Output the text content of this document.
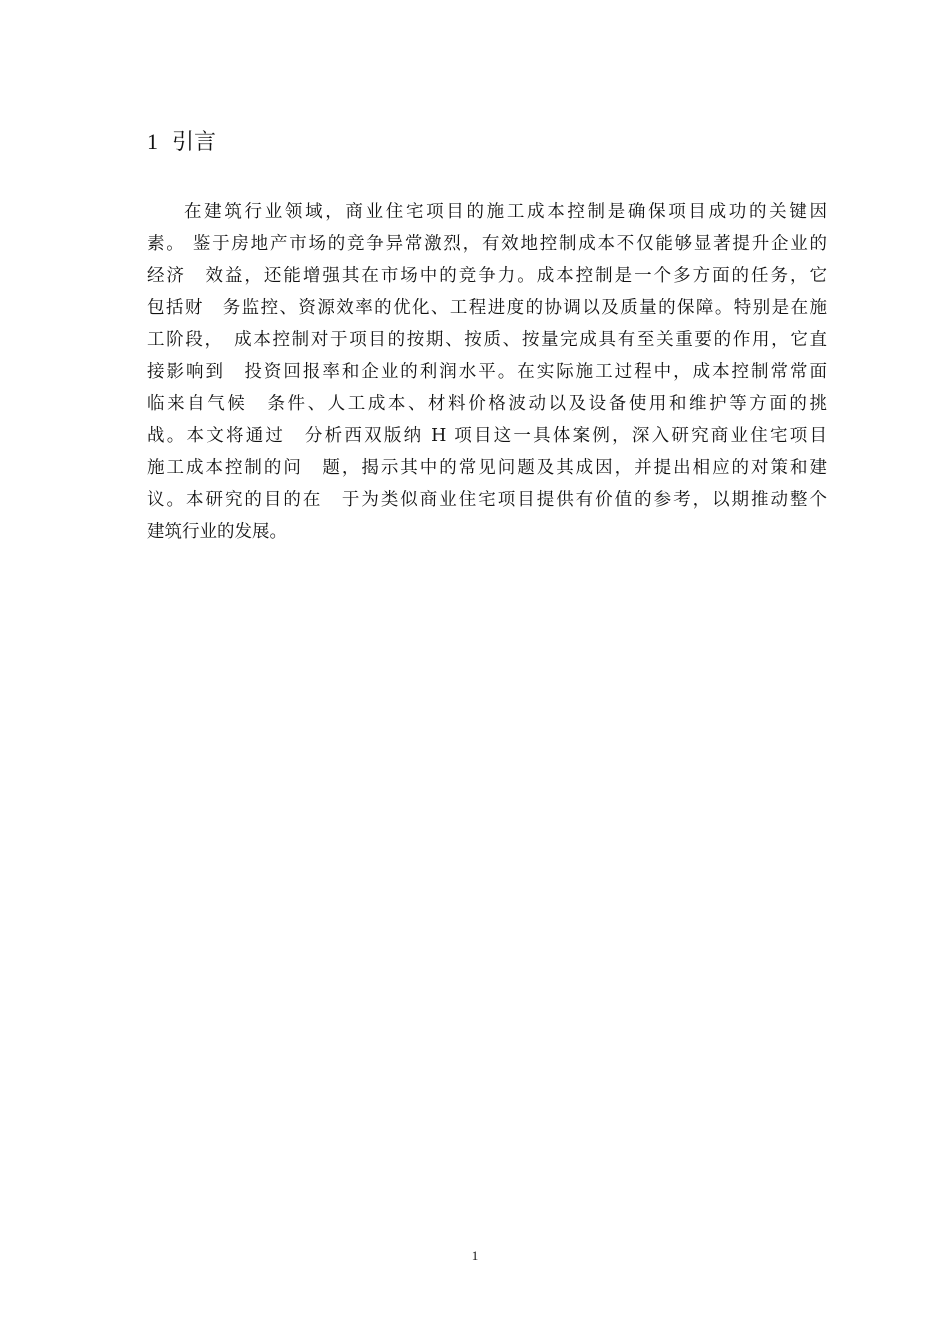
1 引言
在建筑行业领域，商业住宅项目的施工成本控制是确保项目成功的关键因
素。 鉴于房地产市场的竞争异常激烈，有效地控制成本不仅能够显著提升企业的
经济　效益，还能增强其在市场中的竞争力。成本控制是一个多方面的任务，它
包括财　务监控、资源效率的优化、工程进度的协调以及质量的保障。特别是在施
工阶段，　成本控制对于项目的按期、按质、按量完成具有至关重要的作用，它直
接影响到　投资回报率和企业的利润水平。在实际施工过程中，成本控制常常面
临来自气候　条件、人工成本、材料价格波动以及设备使用和维护等方面的挑
战。本文将通过　分析西双版纳 H 项目这一具体案例，深入研究商业住宅项目
施工成本控制的问　题，揭示其中的常见问题及其成因，并提出相应的对策和建
议。本研究的目的在　于为类似商业住宅项目提供有价值的参考，以期推动整个
建筑行业的发展。
1
